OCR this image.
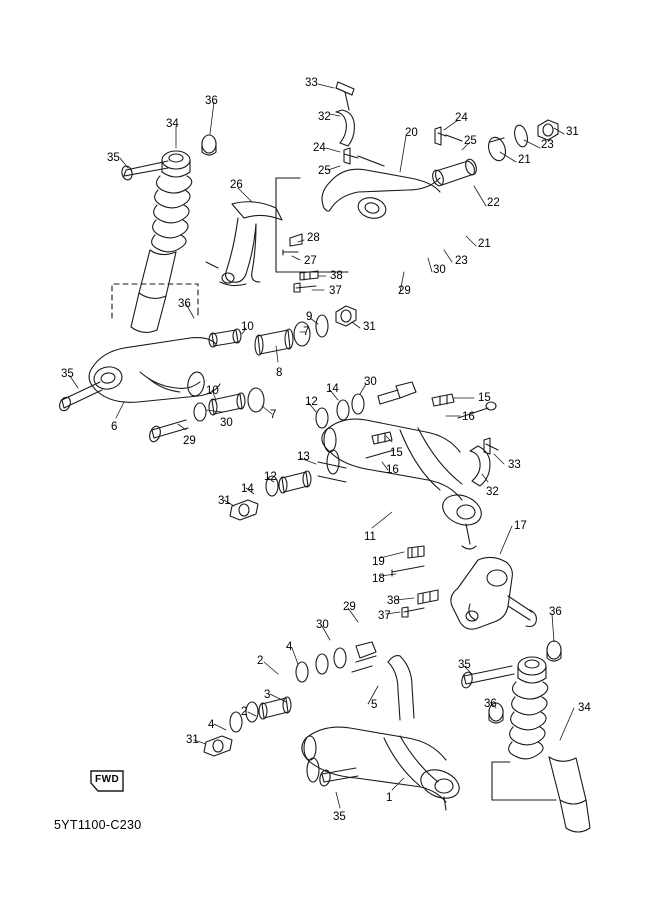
FWD
5YT1100-C230
33
32
36
34
35
20
24
25
31
23
21
22
24
25
26
21
23
30
29
28
27
38
37
36
31
9
7
10
8
10
7
35
6	30
29
12
14
30
15
16
15
16
13
12
14
31
33
32
11
17
19
18
38
37
29
30
4
2
3
5
4
2
31
35
36
36
34
1
35
